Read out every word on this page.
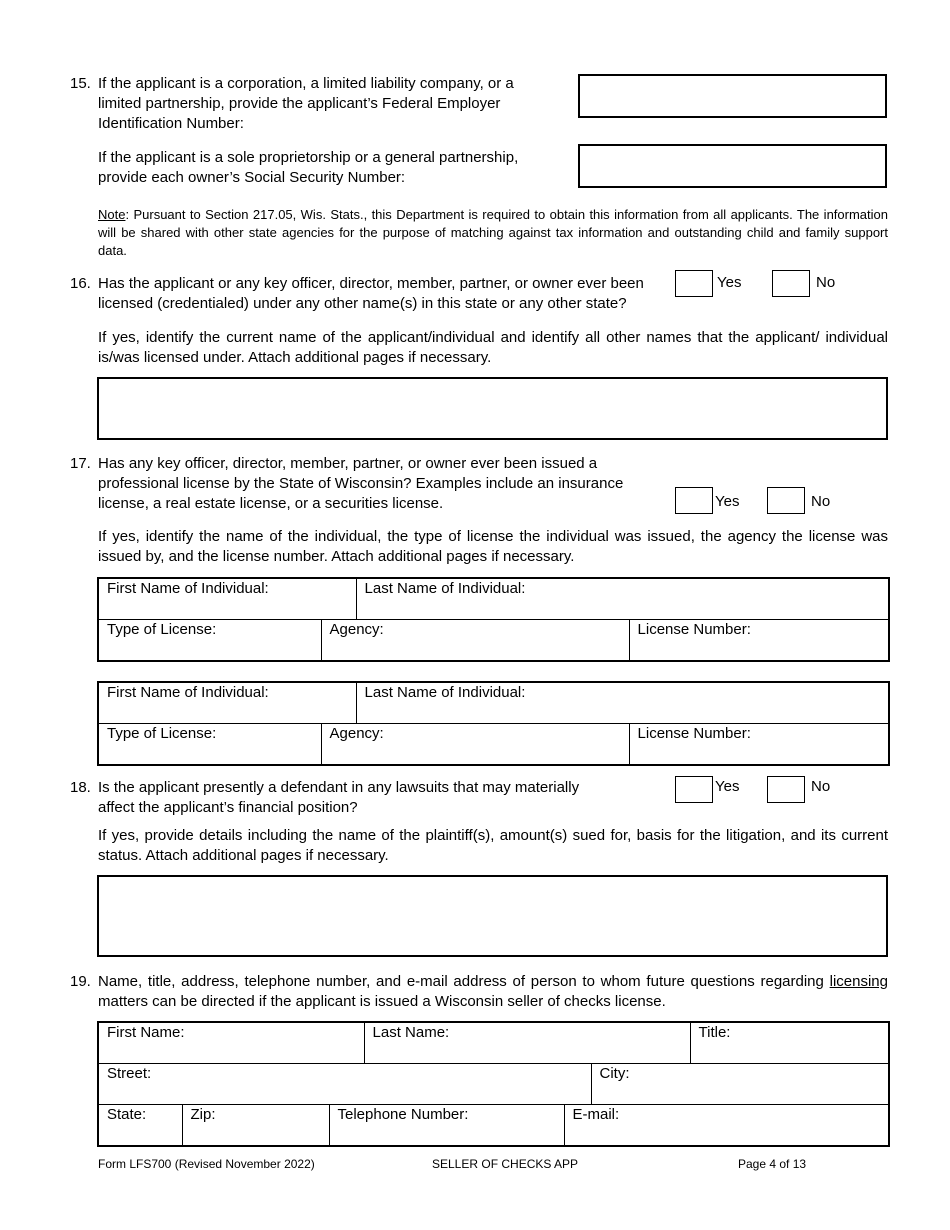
15. If the applicant is a corporation, a limited liability company, or a limited partnership, provide the applicant’s Federal Employer Identification Number:
If the applicant is a sole proprietorship or a general partnership, provide each owner’s Social Security Number:
Note: Pursuant to Section 217.05, Wis. Stats., this Department is required to obtain this information from all applicants. The information will be shared with other state agencies for the purpose of matching against tax information and outstanding child and family support data.
16. Has the applicant or any key officer, director, member, partner, or owner ever been licensed (credentialed) under any other name(s) in this state or any other state?
Yes	No
If yes, identify the current name of the applicant/individual and identify all other names that the applicant/ individual is/was licensed under. Attach additional pages if necessary.
17. Has any key officer, director, member, partner, or owner ever been issued a professional license by the State of Wisconsin? Examples include an insurance license, a real estate license, or a securities license.	Yes	No
If yes, identify the name of the individual, the type of license the individual was issued, the agency the license was issued by, and the license number. Attach additional pages if necessary.
First Name of Individual:		Last Name of Individual:	
Type of License:	Agency:		License Number:
First Name of Individual:		Last Name of Individual:	
Type of License:	Agency:		License Number:
18. Is the applicant presently a defendant in any lawsuits that may materially affect the applicant’s financial position?
Yes	No
If yes, provide details including the name of the plaintiff(s), amount(s) sued for, basis for the litigation, and its current status. Attach additional pages if necessary.
19. Name, title, address, telephone number, and e-mail address of person to whom future questions regarding licensing matters can be directed if the applicant is issued a Wisconsin seller of checks license.
First Name:			Last Name:			Title:
Street:					City:	
State:	Zip:	Telephone Number:		E-mail:		
Form LFS700 (Revised November 2022)	SELLER OF CHECKS APP	Page 4 of 13
